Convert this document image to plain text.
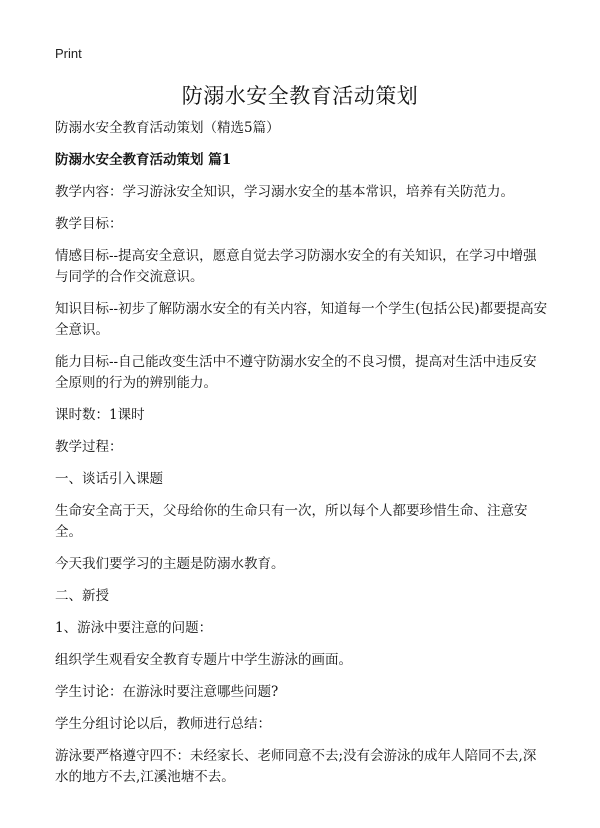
Print
防溺水安全教育活动策划

防溺水安全教育活动策划（精选5篇）

防溺水安全教育活动策划 篇1

教学内容：学习游泳安全知识，学习溺水安全的基本常识，培养有关防范力。

教学目标：

情感目标--提高安全意识，愿意自觉去学习防溺水安全的有关知识，在学习中增强与同学的合作交流意识。

知识目标--初步了解防溺水安全的有关内容，知道每一个学生(包括公民)都要提高安全意识。

能力目标--自己能改变生活中不遵守防溺水安全的不良习惯，提高对生活中违反安全原则的行为的辨别能力。

课时数：1课时

教学过程：

一、谈话引入课题

生命安全高于天，父母给你的生命只有一次，所以每个人都要珍惜生命、注意安全。

今天我们要学习的主题是防溺水教育。

二、新授

1、游泳中要注意的问题：

组织学生观看安全教育专题片中学生游泳的画面。

学生讨论：在游泳时要注意哪些问题?

学生分组讨论以后，教师进行总结：

游泳要严格遵守四不：未经家长、老师同意不去;没有会游泳的成年人陪同不去,深水的地方不去,江溪池塘不去。
